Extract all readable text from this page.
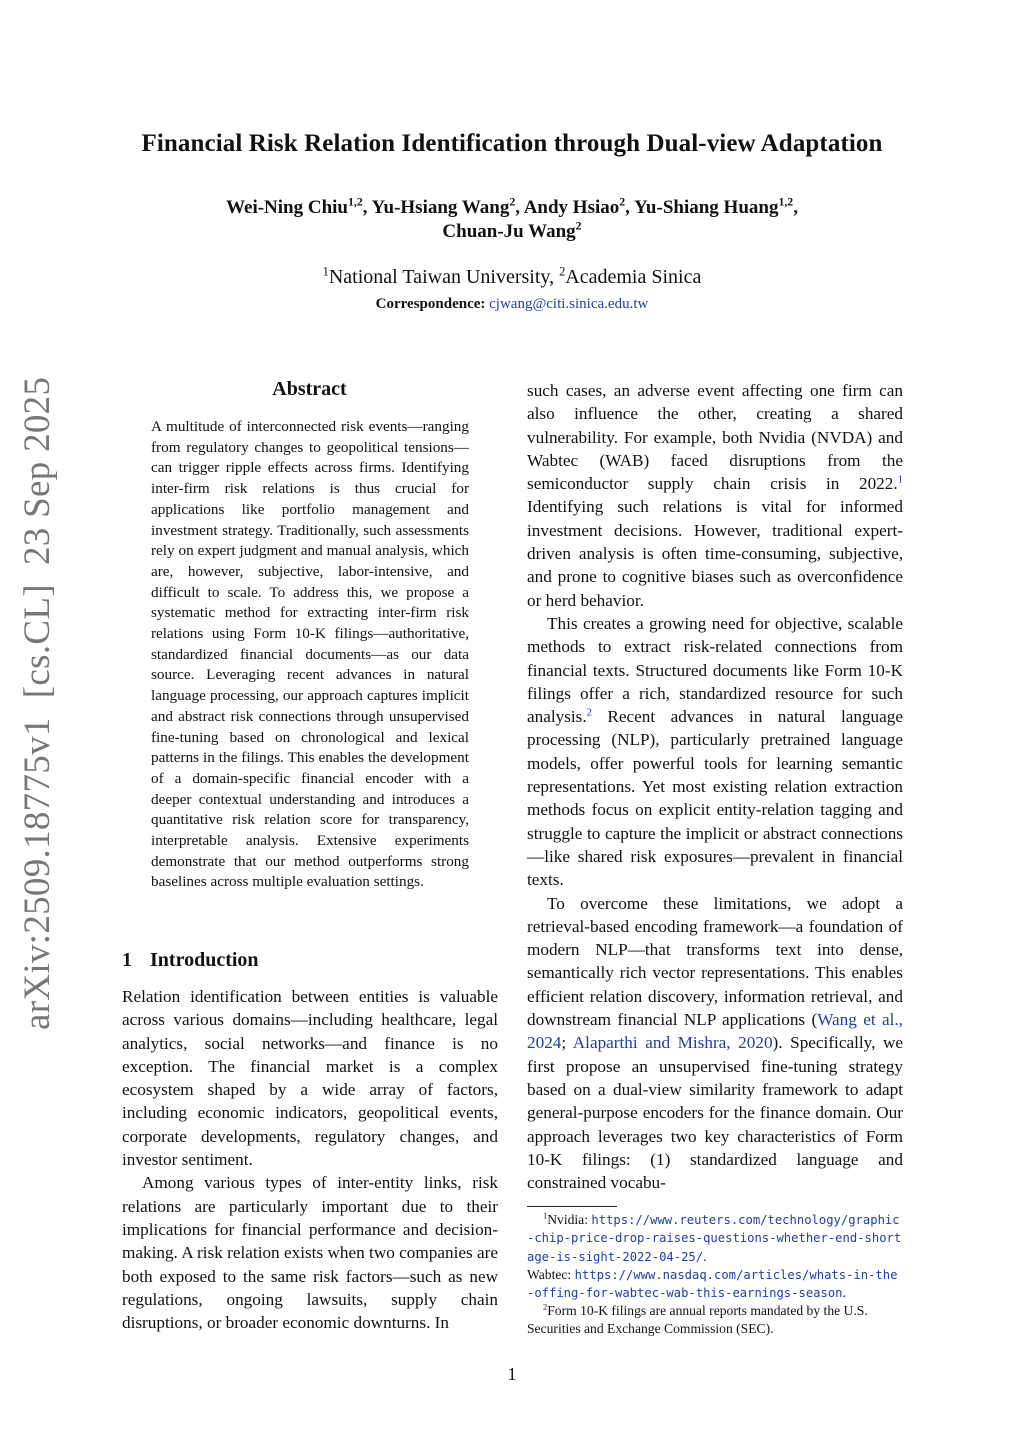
Financial Risk Relation Identification through Dual-view Adaptation
Wei-Ning Chiu$^{1,2}$, Yu-Hsiang Wang$^2$, Andy Hsiao$^2$, Yu-Shiang Huang$^{1,2}$,
Chuan-Ju Wang$^2$
$^1$National Taiwan University, $^2$Academia Sinica
Correspondence: cjwang@citi.sinica.edu.tw
arXiv:2509.18775v1  [cs.CL]  23 Sep 2025	Abstract

A multitude of interconnected risk events—ranging from regulatory changes to geopolitical tensions—can trigger ripple effects across firms. Identifying inter-firm risk relations is thus crucial for applications like portfolio management and investment strategy. Traditionally, such assessments rely on expert judgment and manual analysis, which are, however, subjective, labor-intensive, and difficult to scale. To address this, we propose a systematic method for extracting inter-firm risk relations using Form 10-K filings—authoritative, standardized financial documents—as our data source. Leveraging recent advances in natural language processing, our approach captures implicit and abstract risk connections through unsupervised fine-tuning based on chronological and lexical patterns in the filings. This enables the development of a domain-specific financial encoder with a deeper contextual understanding and introduces a quantitative risk relation score for transparency, interpretable analysis. Extensive experiments demonstrate that our method outperforms strong baselines across multiple evaluation settings.

1 Introduction

Relation identification between entities is valuable across various domains—including healthcare, legal analytics, social networks—and finance is no exception. The financial market is a complex ecosystem shaped by a wide array of factors, including economic indicators, geopolitical events, corporate developments, regulatory changes, and investor sentiment.

Among various types of inter-entity links, risk relations are particularly important due to their implications for financial performance and decision-making. A risk relation exists when two companies are both exposed to the same risk factors—such as new regulations, ongoing lawsuits, supply chain disruptions, or broader economic downturns. In

such cases, an adverse event affecting one firm can also influence the other, creating a shared vulnerability. For example, both Nvidia (NVDA) and Wabtec (WAB) faced disruptions from the semiconductor supply chain crisis in 2022.$^1$ Identifying such relations is vital for informed investment decisions. However, traditional expert-driven analysis is often time-consuming, subjective, and prone to cognitive biases such as overconfidence or herd behavior.

This creates a growing need for objective, scalable methods to extract risk-related connections from financial texts. Structured documents like Form 10-K filings offer a rich, standardized resource for such analysis.$^2$ Recent advances in natural language processing (NLP), particularly pretrained language models, offer powerful tools for learning semantic representations. Yet most existing relation extraction methods focus on explicit entity-relation tagging and struggle to capture the implicit or abstract connections—like shared risk exposures—prevalent in financial texts.

To overcome these limitations, we adopt a retrieval-based encoding framework—a foundation of modern NLP—that transforms text into dense, semantically rich vector representations. This enables efficient relation discovery, information retrieval, and downstream financial NLP applications (Wang et al., 2024; Alaparthi and Mishra, 2020). Specifically, we first propose an unsupervised fine-tuning strategy based on a dual-view similarity framework to adapt general-purpose encoders for the finance domain. Our approach leverages two key characteristics of Form 10-K filings: (1) standardized language and constrained vocabu-

$^1$Nvidia: https://www.reuters.com/technology/graphic-chip-price-drop-raises-questions-whether-end-shortage-is-sight-2022-04-25/.
Wabtec: https://www.nasdaq.com/articles/whats-in-the-offing-for-wabtec-wab-this-earnings-season.

$^2$Form 10-K filings are annual reports mandated by the U.S. Securities and Exchange Commission (SEC).

1
